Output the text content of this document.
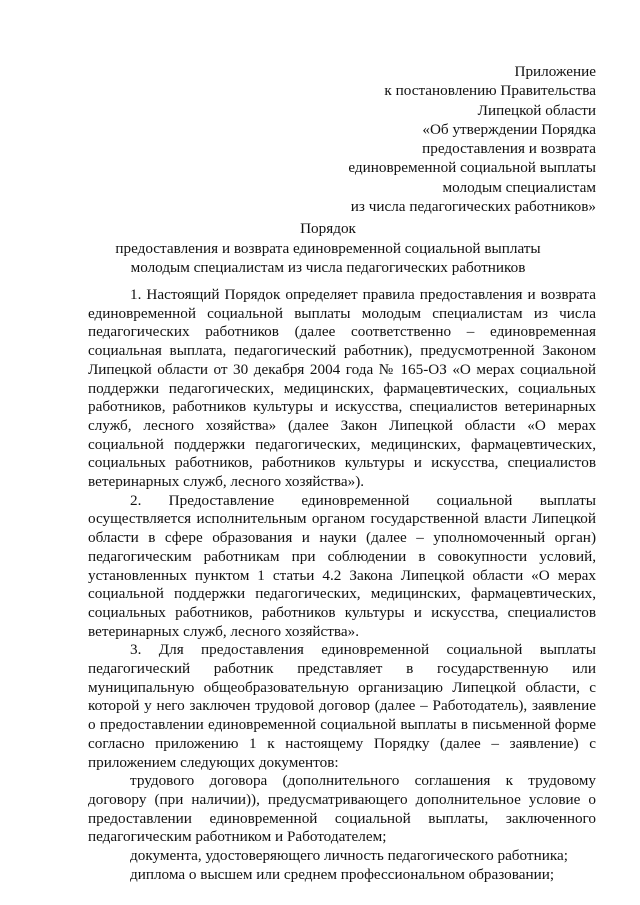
Приложение
к постановлению Правительства
Липецкой области
«Об утверждении Порядка
предоставления и возврата
единовременной социальной выплаты
молодым специалистам
из числа педагогических работников»
Порядок
предоставления и возврата единовременной социальной выплаты
молодым специалистам из числа педагогических работников

1. Настоящий Порядок определяет правила предоставления и возврата единовременной социальной выплаты молодым специалистам из числа педагогических работников (далее соответственно – единовременная социальная выплата, педагогический работник), предусмотренной Законом Липецкой области от 30 декабря 2004 года № 165-ОЗ «О мерах социальной поддержки педагогических, медицинских, фармацевтических, социальных работников, работников культуры и искусства, специалистов ветеринарных служб, лесного хозяйства» (далее Закон Липецкой области «О мерах социальной поддержки педагогических, медицинских, фармацевтических, социальных работников, работников культуры и искусства, специалистов ветеринарных служб, лесного хозяйства»).

2. Предоставление единовременной социальной выплаты осуществляется исполнительным органом государственной власти Липецкой области в сфере образования и науки (далее – уполномоченный орган) педагогическим работникам при соблюдении в совокупности условий, установленных пунктом 1 статьи 4.2 Закона Липецкой области «О мерах социальной поддержки педагогических, медицинских, фармацевтических, социальных работников, работников культуры и искусства, специалистов ветеринарных служб, лесного хозяйства».

3. Для предоставления единовременной социальной выплаты педагогический работник представляет в государственную или муниципальную общеобразовательную организацию Липецкой области, с которой у него заключен трудовой договор (далее – Работодатель), заявление о предоставлении единовременной социальной выплаты в письменной форме согласно приложению 1 к настоящему Порядку (далее – заявление) с приложением следующих документов:

трудового договора (дополнительного соглашения к трудовому договору (при наличии)), предусматривающего дополнительное условие о предоставлении единовременной социальной выплаты, заключенного педагогическим работником и Работодателем;

документа, удостоверяющего личность педагогического работника;

диплома о высшем или среднем профессиональном образовании;
